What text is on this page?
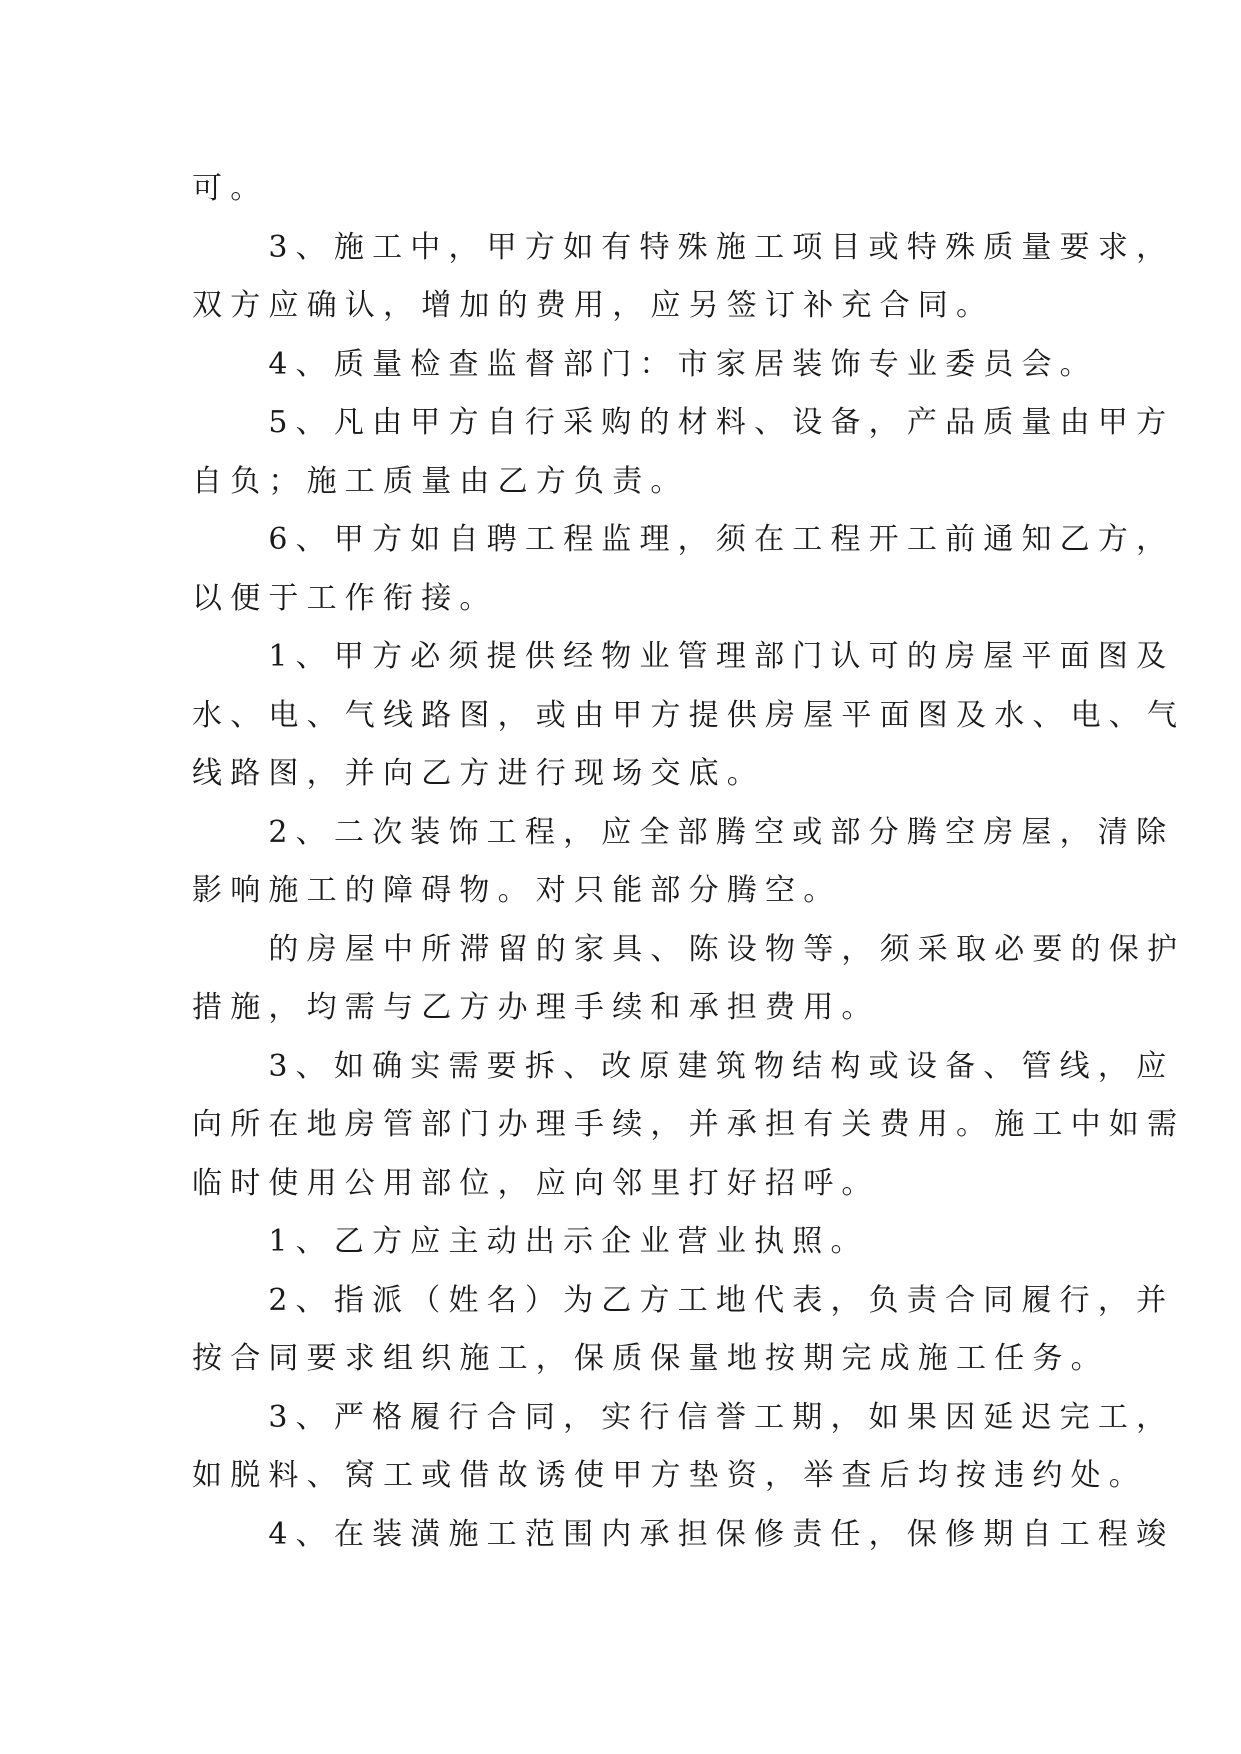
可。
　　3、施工中，甲方如有特殊施工项目或特殊质量要求，
双方应确认，增加的费用，应另签订补充合同。
　　4、质量检查监督部门：市家居装饰专业委员会。
　　5、凡由甲方自行采购的材料、设备，产品质量由甲方
自负；施工质量由乙方负责。
　　6、甲方如自聘工程监理，须在工程开工前通知乙方，
以便于工作衔接。
　　1、甲方必须提供经物业管理部门认可的房屋平面图及
水、电、气线路图，或由甲方提供房屋平面图及水、电、气
线路图，并向乙方进行现场交底。
　　2、二次装饰工程，应全部腾空或部分腾空房屋，清除
影响施工的障碍物。对只能部分腾空。
　　的房屋中所滞留的家具、陈设物等，须采取必要的保护
措施，均需与乙方办理手续和承担费用。
　　3、如确实需要拆、改原建筑物结构或设备、管线，应
向所在地房管部门办理手续，并承担有关费用。施工中如需
临时使用公用部位，应向邻里打好招呼。
　　1、乙方应主动出示企业营业执照。
　　2、指派（姓名）为乙方工地代表，负责合同履行，并
按合同要求组织施工，保质保量地按期完成施工任务。
　　3、严格履行合同，实行信誉工期，如果因延迟完工，
如脱料、窝工或借故诱使甲方垫资，举查后均按违约处。
　　4、在装潢施工范围内承担保修责任，保修期自工程竣
